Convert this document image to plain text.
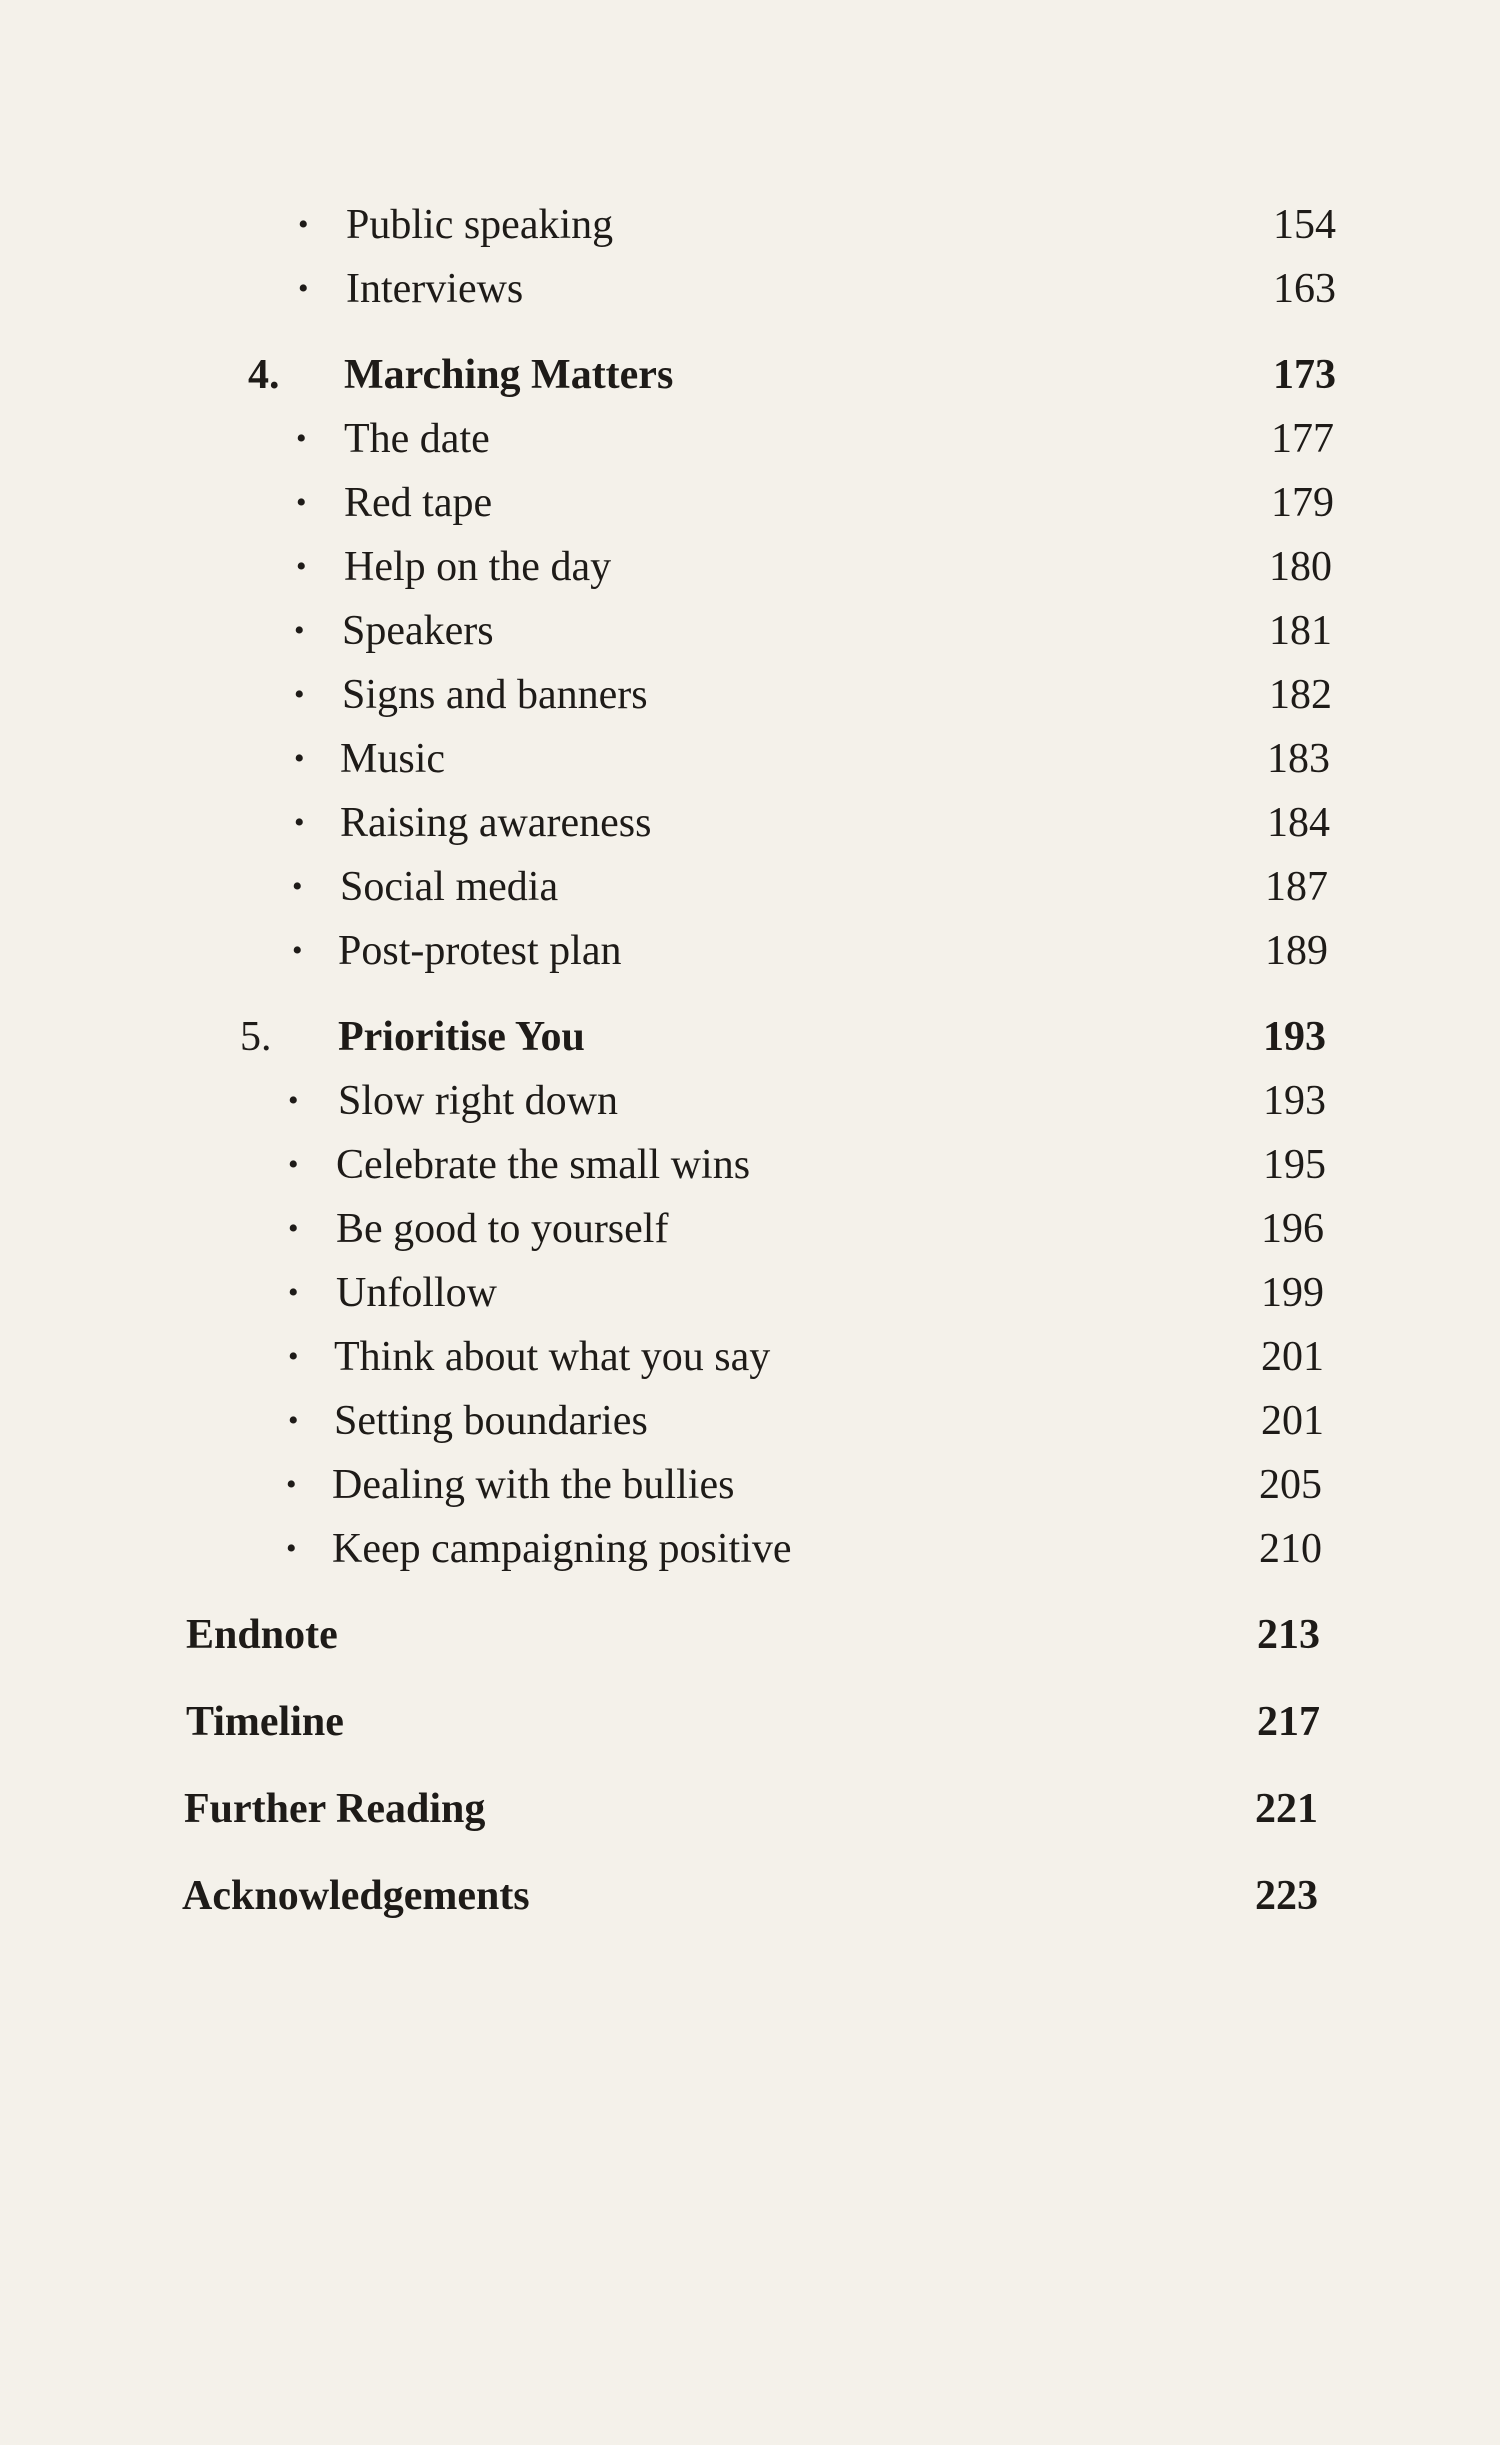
• Public speaking	154
• Interviews	163
4. Marching Matters	173
• The date	177
• Red tape	179
• Help on the day	180
• Speakers	181
• Signs and banners	182
• Music	183
• Raising awareness	184
• Social media	187
• Post-protest plan	189
5. Prioritise You	193
• Slow right down	193
• Celebrate the small wins	195
• Be good to yourself	196
• Unfollow	199
• Think about what you say	201
• Setting boundaries	201
• Dealing with the bullies	205
• Keep campaigning positive	210
Endnote	213
Timeline	217
Further Reading	221
Acknowledgements	223
